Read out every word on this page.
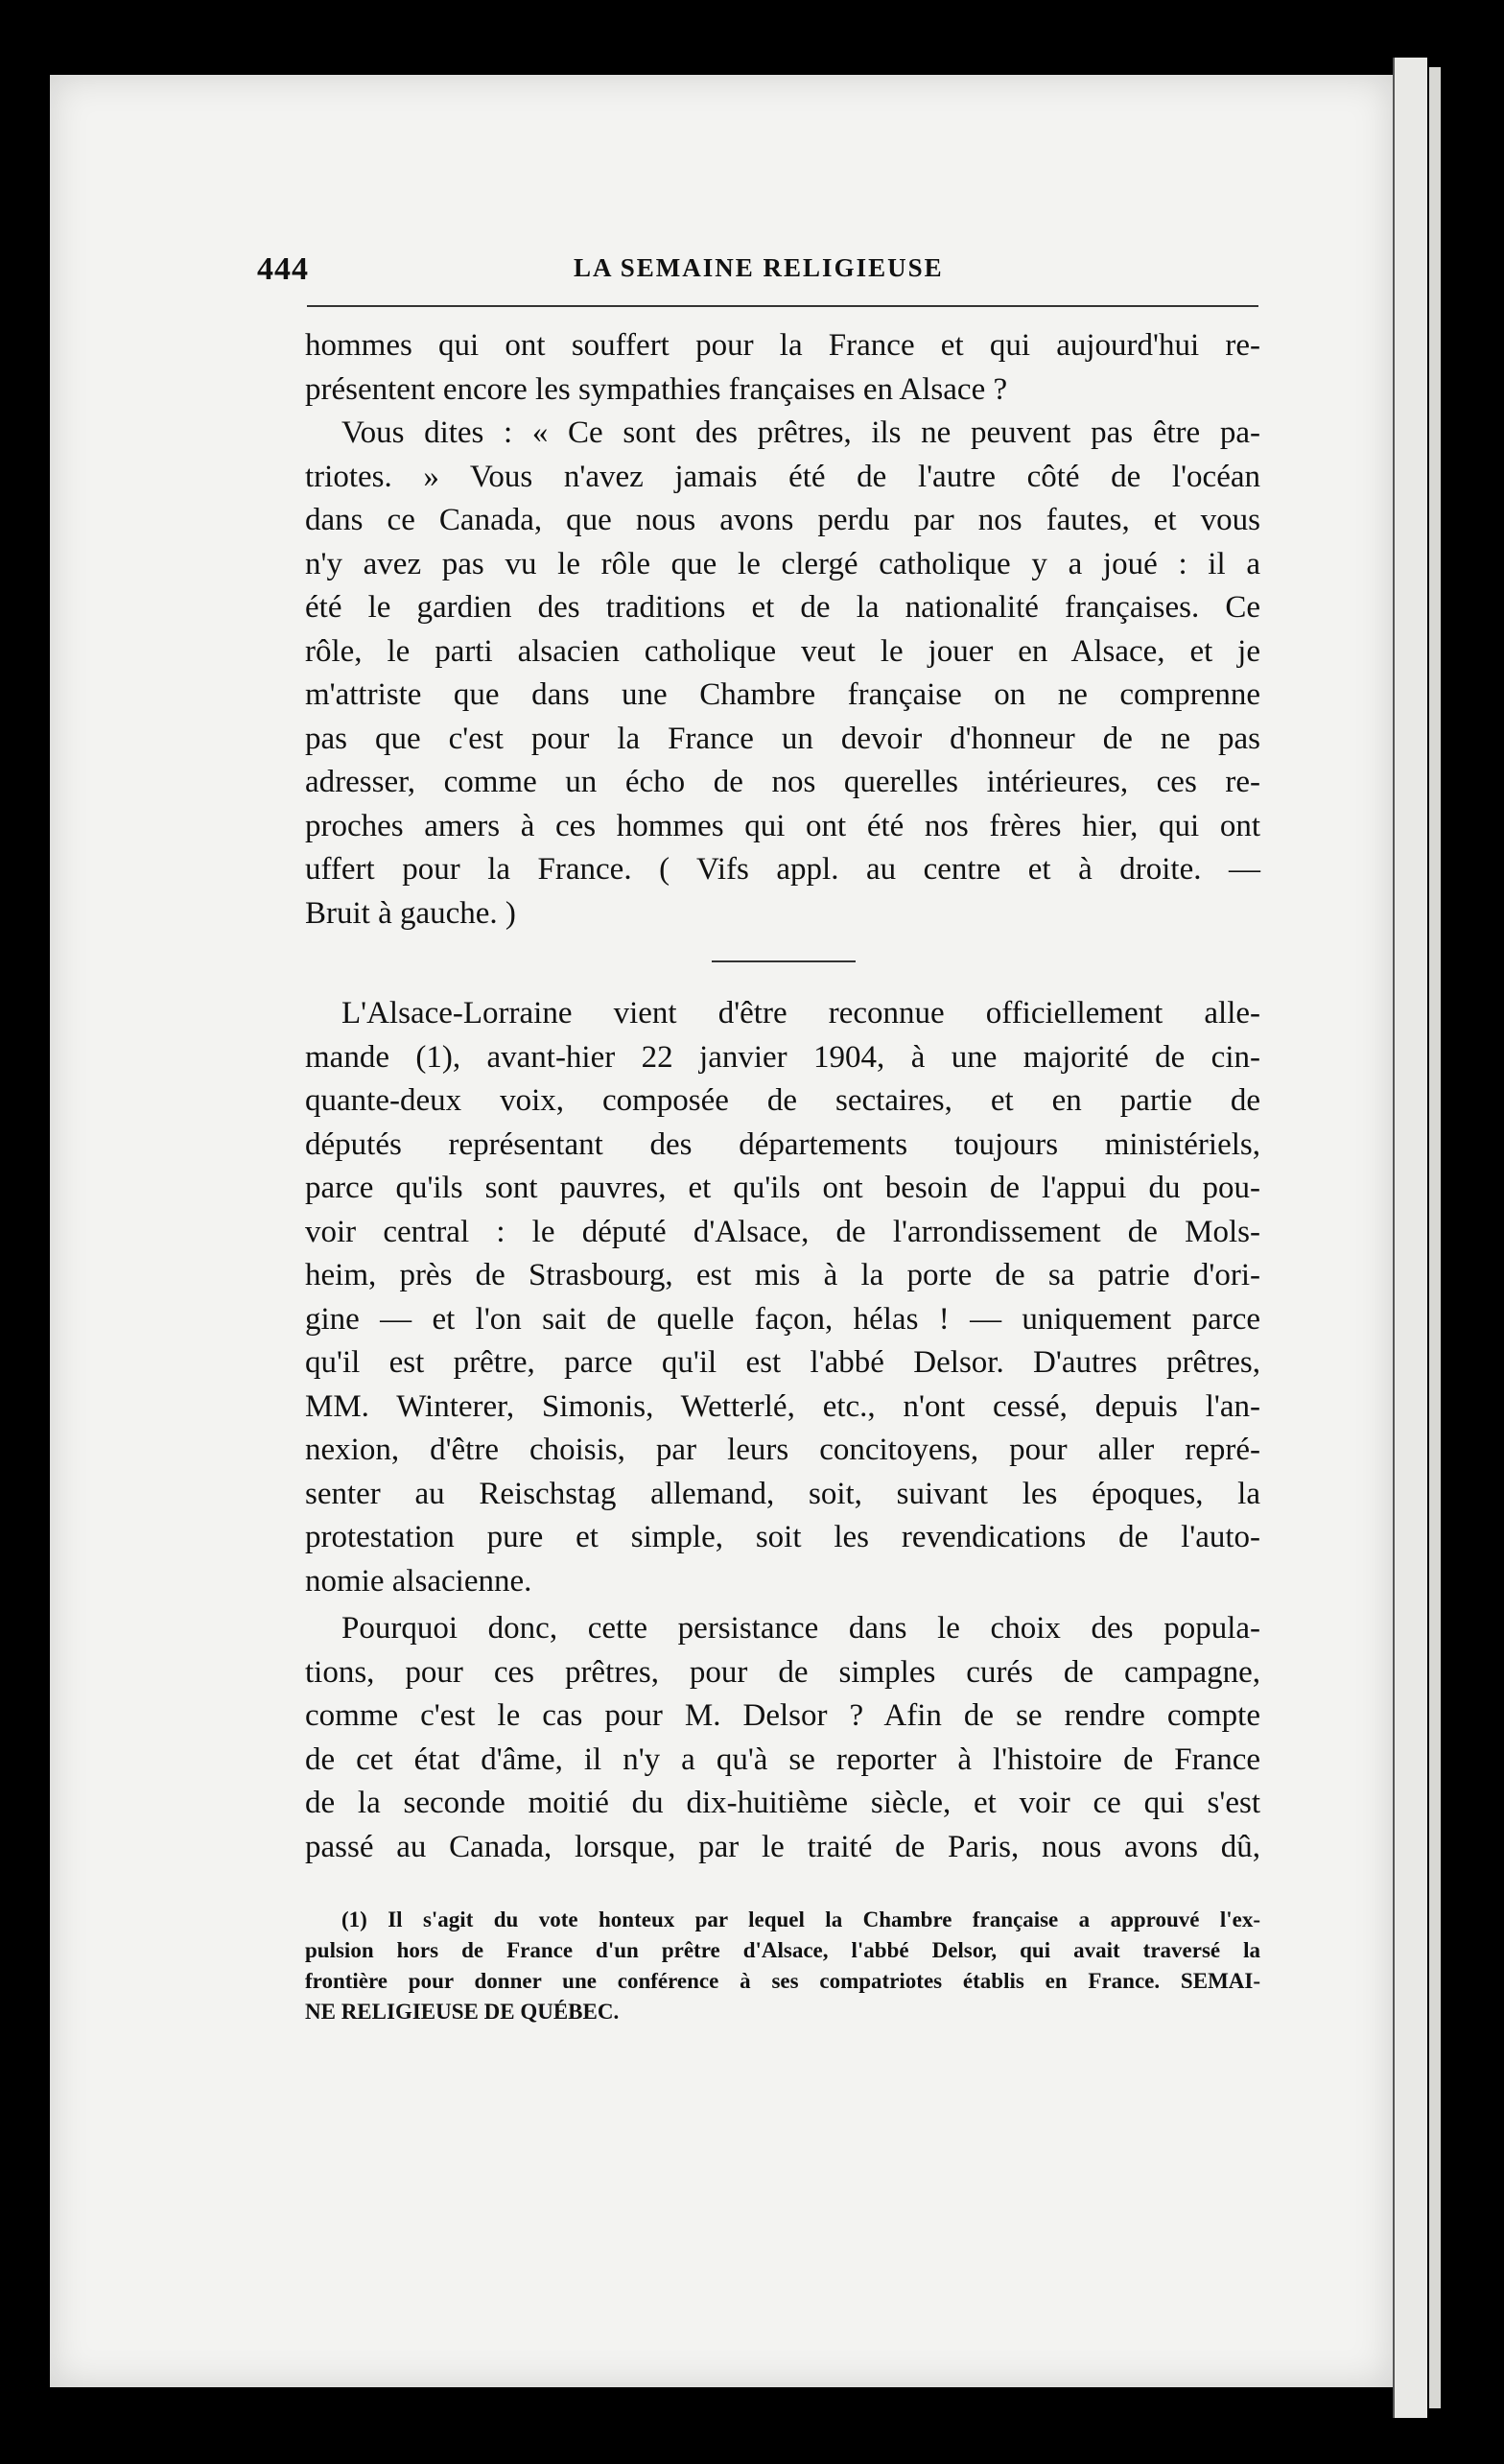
444	LA SEMAINE RELIGIEUSE
hommes qui ont souffert pour la France et qui aujourd'hui re-
présentent encore les sympathies françaises en Alsace ?
Vous dites : « Ce sont des prêtres, ils ne peuvent pas être pa-
triotes. » Vous n'avez jamais été de l'autre côté de l'océan
dans ce Canada, que nous avons perdu par nos fautes, et vous
n'y avez pas vu le rôle que le clergé catholique y a joué : il a
été le gardien des traditions et de la nationalité françaises. Ce
rôle, le parti alsacien catholique veut le jouer en Alsace, et je
m'attriste que dans une Chambre française on ne comprenne
pas que c'est pour la France un devoir d'honneur de ne pas
adresser, comme un écho de nos querelles intérieures, ces re-
proches amers à ces hommes qui ont été nos frères hier, qui ont
uffert pour la France. ( Vifs appl. au centre et à droite. —
Bruit à gauche. )
L'Alsace-Lorraine vient d'être reconnue officiellement alle-
mande (1), avant-hier 22 janvier 1904, à une majorité de cin-
quante-deux voix, composée de sectaires, et en partie de
députés représentant des départements toujours ministériels,
parce qu'ils sont pauvres, et qu'ils ont besoin de l'appui du pou-
voir central : le député d'Alsace, de l'arrondissement de Mols-
heim, près de Strasbourg, est mis à la porte de sa patrie d'ori-
gine — et l'on sait de quelle façon, hélas ! — uniquement parce
qu'il est prêtre, parce qu'il est l'abbé Delsor. D'autres prêtres,
MM. Winterer, Simonis, Wetterlé, etc., n'ont cessé, depuis l'an-
nexion, d'être choisis, par leurs concitoyens, pour aller repré-
senter au Reischstag allemand, soit, suivant les époques, la
protestation pure et simple, soit les revendications de l'auto-
nomie alsacienne.
Pourquoi donc, cette persistance dans le choix des popula-
tions, pour ces prêtres, pour de simples curés de campagne,
comme c'est le cas pour M. Delsor ? Afin de se rendre compte
de cet état d'âme, il n'y a qu'à se reporter à l'histoire de France
de la seconde moitié du dix-huitième siècle, et voir ce qui s'est
passé au Canada, lorsque, par le traité de Paris, nous avons dû,
(1) Il s'agit du vote honteux par lequel la Chambre française a approuvé l'ex-
pulsion hors de France d'un prêtre d'Alsace, l'abbé Delsor, qui avait traversé la
frontière pour donner une conférence à ses compatriotes établis en France. SEMAI-
NE RELIGIEUSE DE QUÉBEC.
